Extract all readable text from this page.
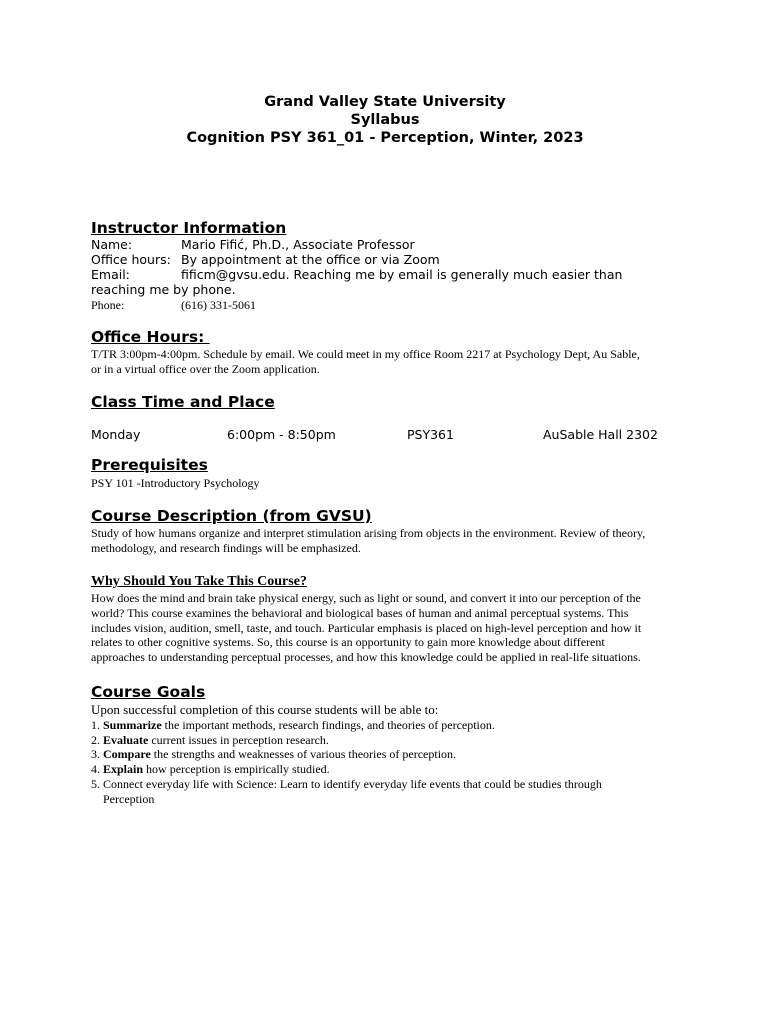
Grand Valley State University
Syllabus
Cognition PSY 361_01 - Perception, Winter, 2023
Instructor Information
Name:	Mario Fifić, Ph.D., Associate Professor
Office hours: By appointment at the office or via Zoom
Email:	fificm@gvsu.edu. Reaching me by email is generally much easier than
reaching me by phone.
Phone:	(616) 331-5061
Office Hours:
T/TR 3:00pm-4:00pm. Schedule by email. We could meet in my office Room 2217 at Psychology Dept, Au Sable,
or in a virtual office over the Zoom application.
Class Time and Place
Monday	6:00pm - 8:50pm	PSY361	AuSable Hall 2302
Prerequisites
PSY 101 -Introductory Psychology
Course Description (from GVSU)
Study of how humans organize and interpret stimulation arising from objects in the environment. Review of theory,
methodology, and research findings will be emphasized.
Why Should You Take This Course?
How does the mind and brain take physical energy, such as light or sound, and convert it into our perception of the
world? This course examines the behavioral and biological bases of human and animal perceptual systems. This
includes vision, audition, smell, taste, and touch. Particular emphasis is placed on high-level perception and how it
relates to other cognitive systems. So, this course is an opportunity to gain more knowledge about different
approaches to understanding perceptual processes, and how this knowledge could be applied in real-life situations.
Course Goals
Upon successful completion of this course students will be able to:
1. Summarize the important methods, research findings, and theories of perception.
2. Evaluate current issues in perception research.
3. Compare the strengths and weaknesses of various theories of perception.
4. Explain how perception is empirically studied.
5. Connect everyday life with Science: Learn to identify everyday life events that could be studies through
Perception
